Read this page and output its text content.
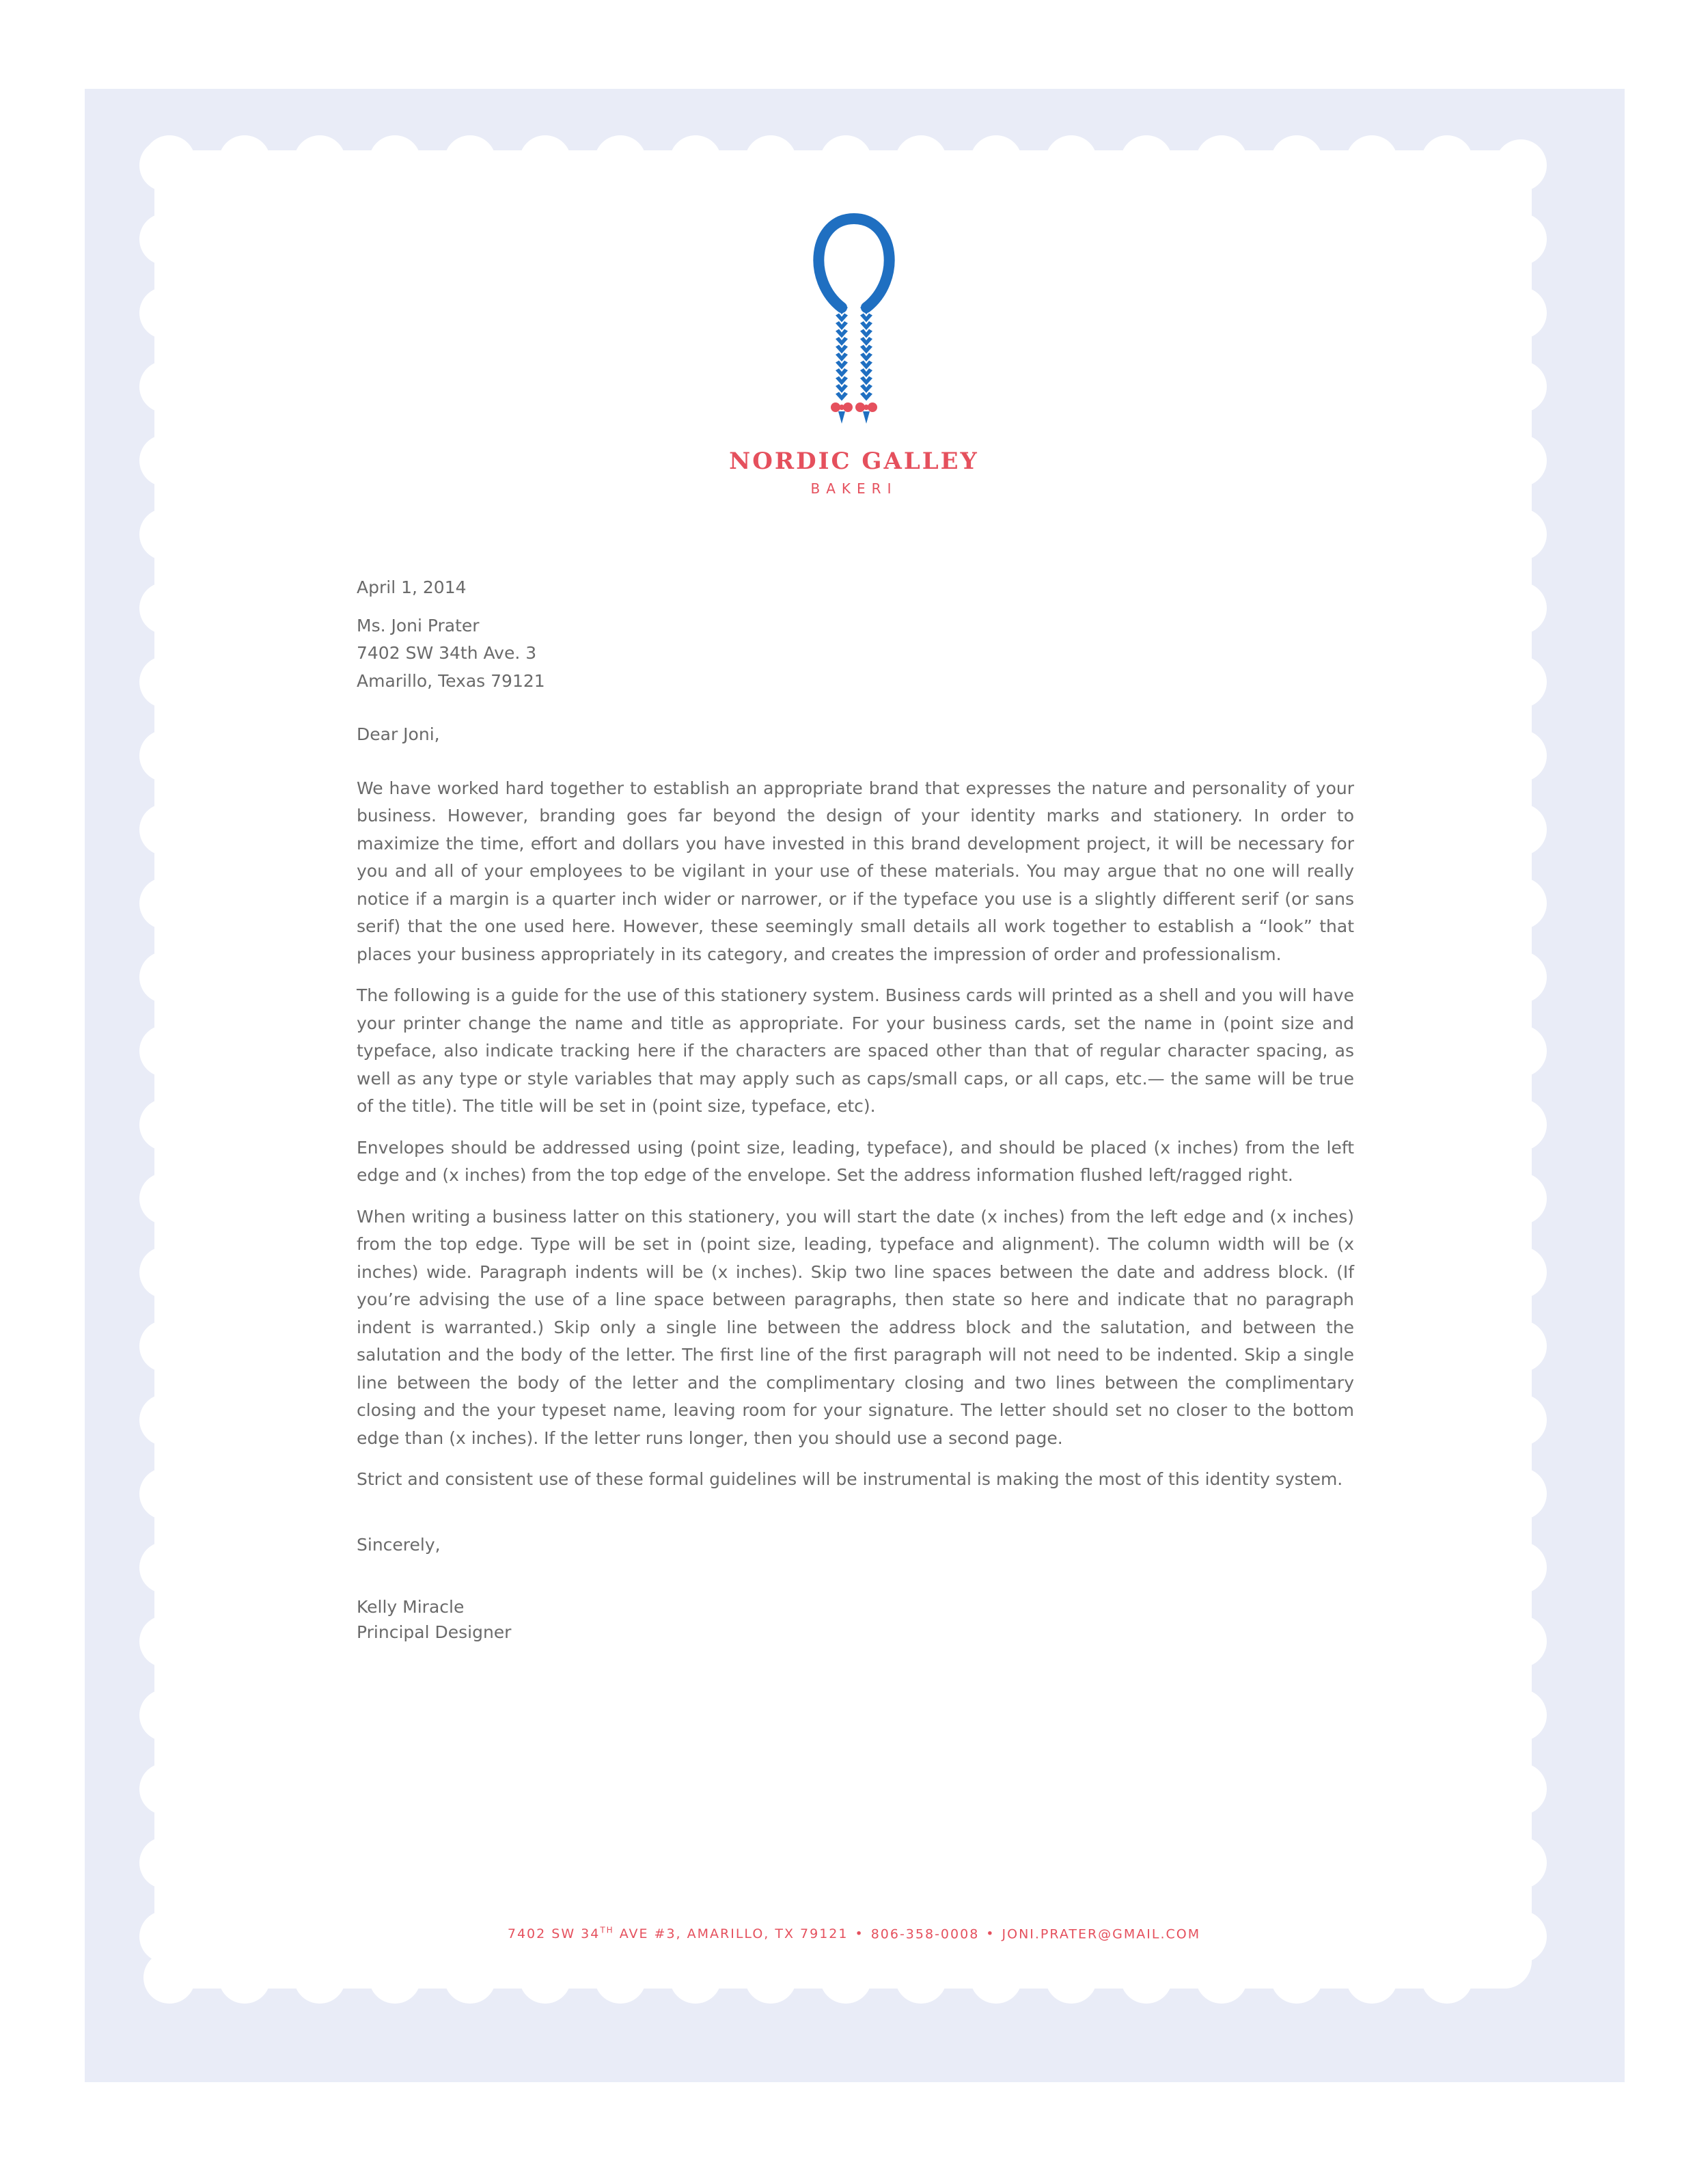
NORDIC GALLEY
BAKERI

April 1, 2014

Ms. Joni Prater

7402 SW 34th Ave. 3

Amarillo, Texas 79121

Dear Joni,

We have worked hard together to establish an appropriate brand that expresses the nature and personality of your business. However, branding goes far beyond the design of your identity marks and stationery. In order to maximize the time, effort and dollars you have invested in this brand development project, it will be necessary for you and all of your employees to be vigilant in your use of these materials. You may argue that no one will really notice if a margin is a quarter inch wider or narrower, or if the typeface you use is a slightly different serif (or sans serif) that the one used here. However, these seemingly small details all work together to establish a “look” that places your business appropriately in its category, and creates the impression of order and professionalism.

The following is a guide for the use of this stationery system. Business cards will printed as a shell and you will have your printer change the name and title as appropriate. For your business cards, set the name in (point size and typeface, also indicate tracking here if the characters are spaced other than that of regular character spacing, as well as any type or style variables that may apply such as caps/small caps, or all caps, etc.— the same will be true of the title). The title will be set in (point size, typeface, etc).

Envelopes should be addressed using (point size, leading, typeface), and should be placed (x inches) from the left edge and (x inches) from the top edge of the envelope. Set the address information flushed left/ragged right.

When writing a business latter on this stationery, you will start the date (x inches) from the left edge and (x inches) from the top edge. Type will be set in (point size, leading, typeface and alignment). The column width will be (x inches) wide. Paragraph indents will be (x inches). Skip two line spaces between the date and address block. (If you’re advising the use of a line space between paragraphs, then state so here and indicate that no paragraph indent is warranted.) Skip only a single line between the address block and the salutation, and between the salutation and the body of the letter. The first line of the first paragraph will not need to be indented. Skip a single line between the body of the letter and the complimentary closing and two lines between the complimentary closing and the your typeset name, leaving room for your signature. The letter should set no closer to the bottom edge than (x inches). If the letter runs longer, then you should use a second page.

Strict and consistent use of these formal guidelines will be instrumental is making the most of this identity system.

Sincerely,

Kelly Miracle

Principal Designer

7402 SW 34TH AVE #3, AMARILLO, TX 79121 • 806-358-0008 • JONI.PRATER@GMAIL.COM
